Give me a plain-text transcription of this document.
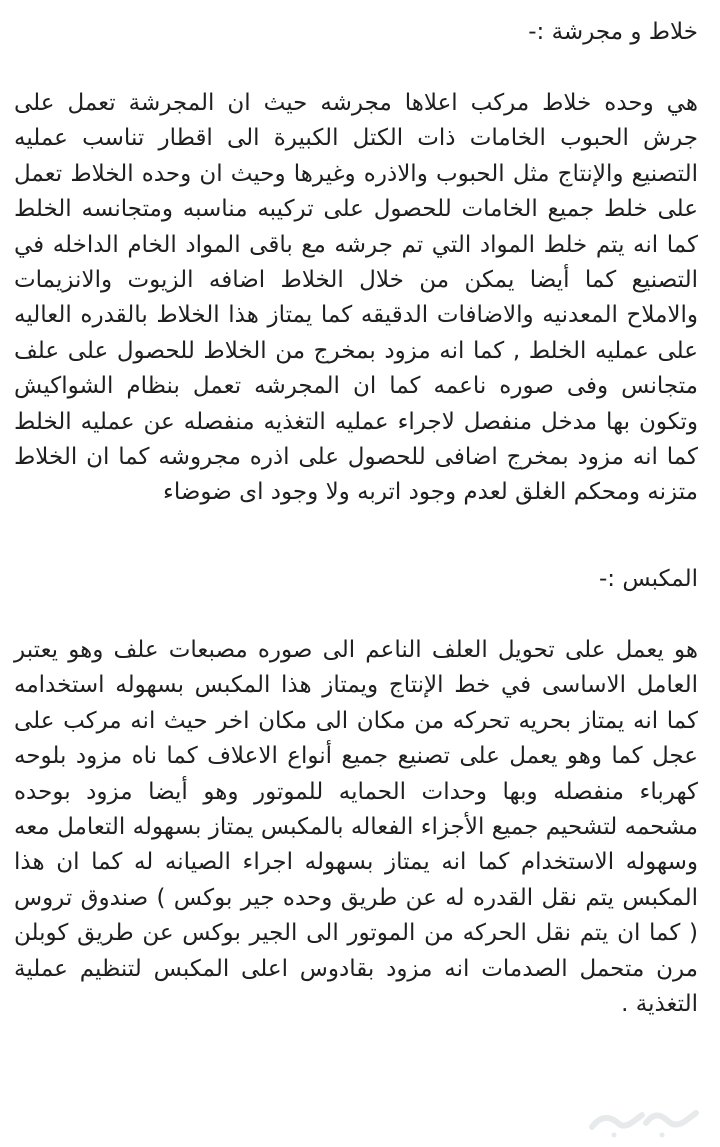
خلاط و مجرشة :-

هي وحده خلاط مركب اعلاها مجرشه حيث ان المجرشة تعمل على جرش الحبوب الخامات ذات الكتل الكبيرة الى اقطار تناسب عمليه التصنيع والإنتاج مثل الحبوب والاذره وغيرها وحيث ان وحده الخلاط تعمل على خلط جميع الخامات للحصول على تركيبه مناسبه ومتجانسه الخلط كما انه يتم خلط المواد التي تم جرشه مع باقى المواد الخام الداخله في التصنيع كما أيضا يمكن من خلال الخلاط اضافه الزيوت والانزيمات والاملاح المعدنيه والاضافات الدقيقه كما يمتاز هذا الخلاط بالقدره العاليه على عمليه الخلط , كما انه مزود بمخرج من الخلاط للحصول على علف متجانس وفى صوره ناعمه كما ان المجرشه تعمل بنظام الشواكيش وتكون بها مدخل منفصل لاجراء عمليه التغذيه منفصله عن عمليه الخلط كما انه مزود بمخرج اضافى للحصول على اذره مجروشه كما ان الخلاط متزنه ومحكم الغلق لعدم وجود اتربه ولا وجود اى ضوضاء

المكبس :-

هو يعمل على تحويل العلف الناعم الى صوره مصبعات علف وهو يعتبر العامل الاساسى في خط الإنتاج ويمتاز هذا المكبس بسهوله استخدامه كما انه يمتاز بحريه تحركه من مكان الى مكان اخر حيث انه مركب على عجل كما وهو يعمل على تصنيع جميع أنواع الاعلاف كما ناه مزود بلوحه كهرباء منفصله وبها وحدات الحمايه للموتور وهو أيضا مزود بوحده مشحمه لتشحيم جميع الأجزاء الفعاله بالمكبس يمتاز بسهوله التعامل معه وسهوله الاستخدام كما انه يمتاز بسهوله اجراء الصيانه له كما ان هذا المكبس يتم نقل القدره له عن طريق وحده جير بوكس ) صندوق تروس ( كما ان يتم نقل الحركه من الموتور الى الجير بوكس عن طريق كوبلن مرن متحمل الصدمات انه مزود بقادوس اعلى المكبس لتنظيم عملية التغذية .
